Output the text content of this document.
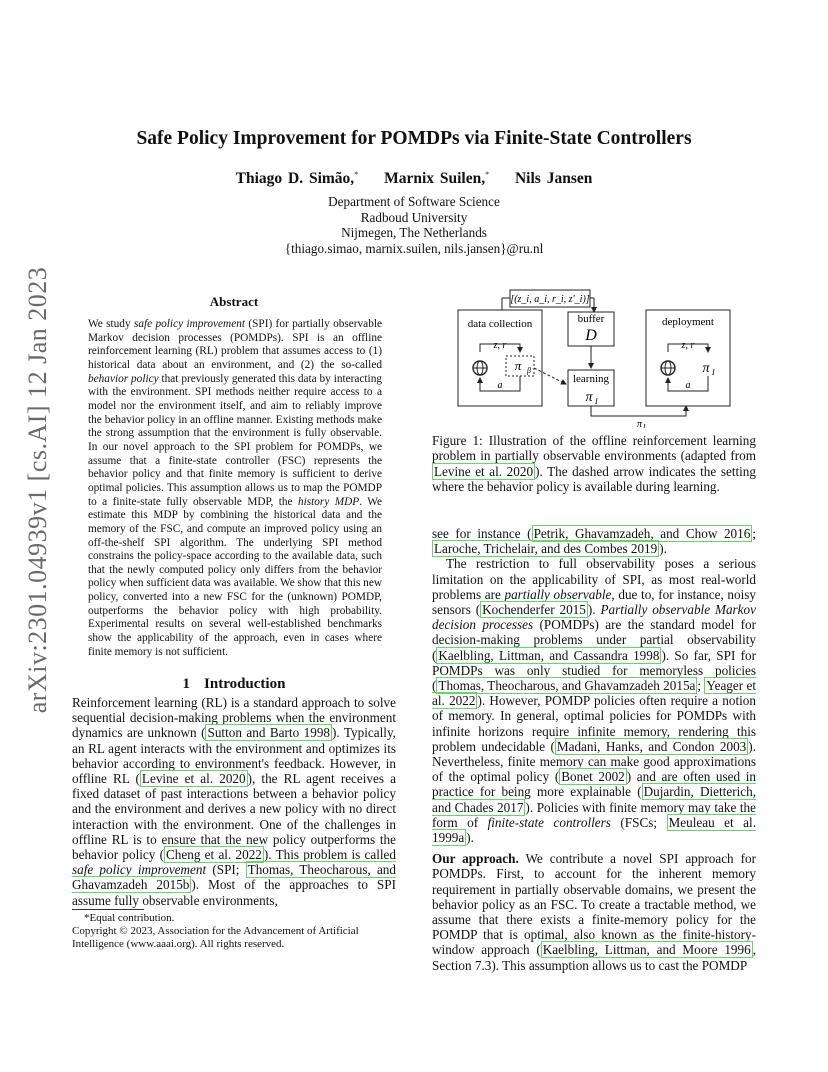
arXiv:2301.04939v1 [cs.AI] 12 Jan 2023
Safe Policy Improvement for POMDPs via Finite-State Controllers
Thiago D. Simão,* Marnix Suilen,* Nils Jansen
Department of Software Science
Radboud University
Nijmegen, The Netherlands
{thiago.simao, marnix.suilen, nils.jansen}@ru.nl
Abstract
We study safe policy improvement (SPI) for partially observable Markov decision processes (POMDPs). SPI is an offline reinforcement learning (RL) problem that assumes access to (1) historical data about an environment, and (2) the so-called behavior policy that previously generated this data by interacting with the environment. SPI methods neither require access to a model nor the environment itself, and aim to reliably improve the behavior policy in an offline manner. Existing methods make the strong assumption that the environment is fully observable. In our novel approach to the SPI problem for POMDPs, we assume that a finite-state controller (FSC) represents the behavior policy and that finite memory is sufficient to derive optimal policies. This assumption allows us to map the POMDP to a finite-state fully observable MDP, the history MDP. We estimate this MDP by combining the historical data and the memory of the FSC, and compute an improved policy using an off-the-shelf SPI algorithm. The underlying SPI method constrains the policy-space according to the available data, such that the newly computed policy only differs from the behavior policy when sufficient data was available. We show that this new policy, converted into a new FSC for the (unknown) POMDP, outperforms the behavior policy with high probability. Experimental results on several well-established benchmarks show the applicability of the approach, even in cases where finite memory is not sufficient.
1 Introduction
Reinforcement learning (RL) is a standard approach to solve sequential decision-making problems when the environment dynamics are unknown ( Sutton and Barto 1998 ). Typically, an RL agent interacts with the environment and optimizes its behavior according to environment's feedback. However, in offline RL ( Levine et al. 2020 ), the RL agent receives a fixed dataset of past interactions between a behavior policy and the environment and derives a new policy with no direct interaction with the environment. One of the challenges in offline RL is to ensure that the new policy outperforms the behavior policy ( Cheng et al. 2022 ). This problem is called safe policy improvement (SPI; Thomas, Theocharous, and Ghavamzadeh 2015b ). Most of the approaches to SPI assume fully observable environments,
*Equal contribution.
Copyright © 2023, Association for the Advancement of Artificial Intelligence (www.aaai.org). All rights reserved.
[(z_i, a_i, r_i, z'_i)]
data collection
z, r
π β
a
buffer
D
learning
π I
π I
deployment
z, r
π I
a
Figure 1: Illustration of the offline reinforcement learning problem in partially observable environments (adapted from Levine et al. 2020 ). The dashed arrow indicates the setting where the behavior policy is available during learning.

see for instance ( Petrik, Ghavamzadeh, and Chow 2016 ; Laroche, Trichelair, and des Combes 2019 ).

The restriction to full observability poses a serious limitation on the applicability of SPI, as most real-world problems are partially observable, due to, for instance, noisy sensors ( Kochenderfer 2015 ). Partially observable Markov decision processes (POMDPs) are the standard model for decision-making problems under partial observability ( Kaelbling, Littman, and Cassandra 1998 ). So far, SPI for POMDPs was only studied for memoryless policies ( Thomas, Theocharous, and Ghavamzadeh 2015a ; Yeager et al. 2022 ). However, POMDP policies often require a notion of memory. In general, optimal policies for POMDPs with infinite horizons require infinite memory, rendering this problem undecidable ( Madani, Hanks, and Condon 2003 ). Nevertheless, finite memory can make good approximations of the optimal policy ( Bonet 2002 ) and are often used in practice for being more explainable ( Dujardin, Dietterich, and Chades 2017 ). Policies with finite memory may take the form of finite-state controllers (FSCs; Meuleau et al. 1999a ).

Our approach. We contribute a novel SPI approach for POMDPs. First, to account for the inherent memory requirement in partially observable domains, we present the behavior policy as an FSC. To create a tractable method, we assume that there exists a finite-memory policy for the POMDP that is optimal, also known as the finite-history-window approach ( Kaelbling, Littman, and Moore 1996 , Section 7.3). This assumption allows us to cast the POMDP
